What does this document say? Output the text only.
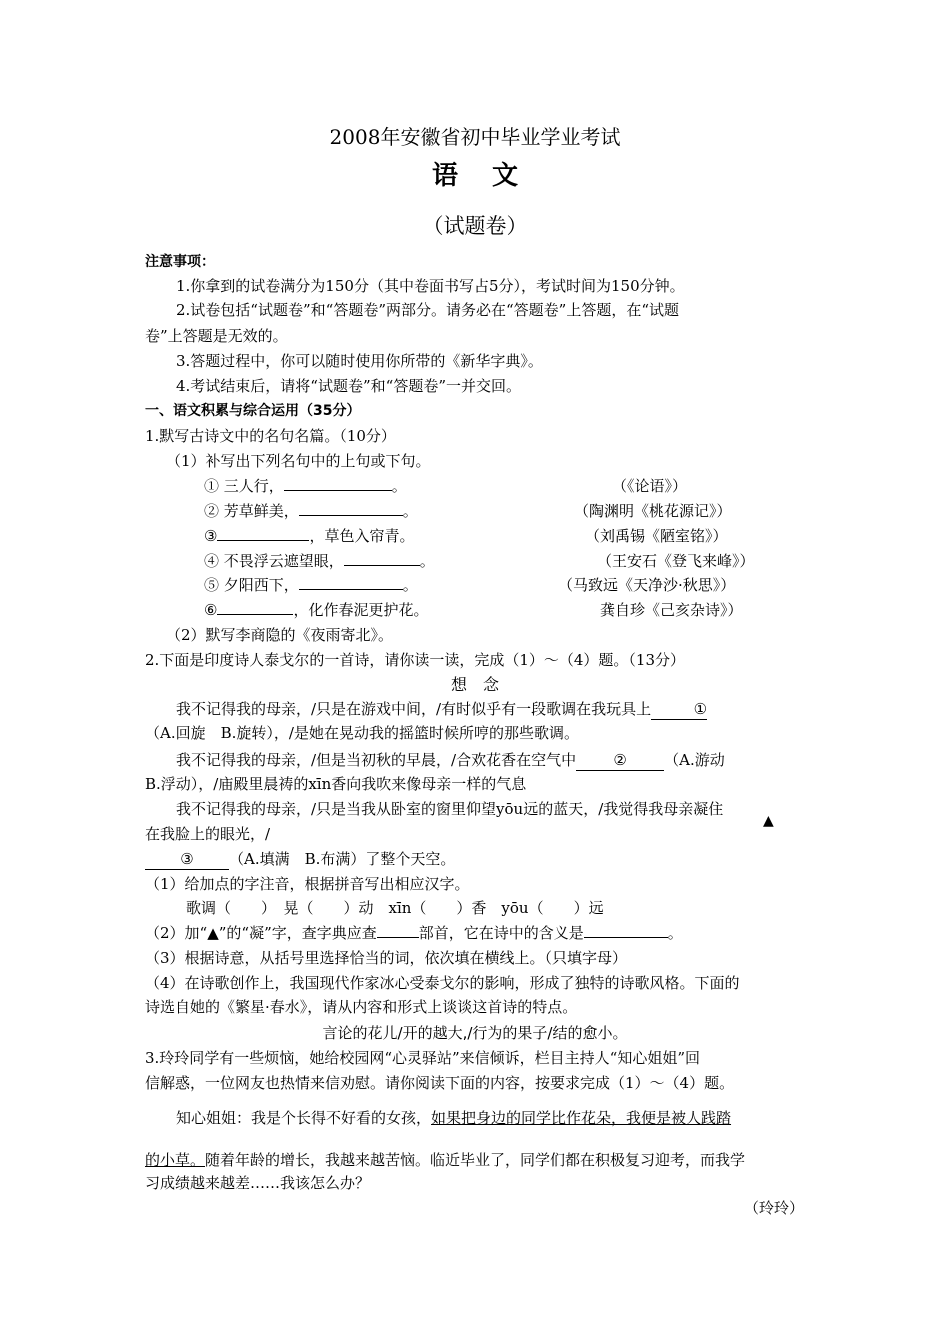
2008年安徽省初中毕业学业考试
语文
（试题卷）
注意事项：
1.你拿到的试卷满分为150分（其中卷面书写占5分），考试时间为150分钟。
2.试卷包括“试题卷”和“答题卷”两部分。请务必在“答题卷”上答题，在“试题
卷”上答题是无效的。
3.答题过程中，你可以随时使用你所带的《新华字典》。
4.考试结束后，请将“试题卷”和“答题卷”一并交回。
一、语文积累与综合运用（35分）
1.默写古诗文中的名句名篇。（10分）
（1）补写出下列名句中的上句或下句。
① 三人行，	。	（《论语》）
② 芳草鲜美，	。	（陶渊明《桃花源记》）
③	，草色入帘青。	（刘禹锡《陋室铭》）
④ 不畏浮云遮望眼，	。	（王安石《登飞来峰》）
⑤ 夕阳西下，	。	（马致远《天净沙·秋思》）
⑥	，化作春泥更护花。	龚自珍《己亥杂诗》）
（2）默写李商隐的《夜雨寄北》。
2.下面是印度诗人泰戈尔的一首诗，请你读一读，完成（1）～（4）题。（13分）
想　念
我不记得我的母亲，/只是在游戏中间，/有时似乎有一段歌调在我玩具上	①
（A.回旋　B.旋转），/是她在晃动我的摇篮时候所哼的那些歌调。
我不记得我的母亲，/但是当初秋的早晨，/合欢花香在空气中 ② （A.游动
B.浮动），/庙殿里晨祷的xīn香向我吹来像母亲一样的气息
我不记得我的母亲，/只是当我从卧室的窗里仰望yōu远的蓝天，/我觉得我母亲凝住
▲
在我脸上的眼光，/
③ （A.填满　B.布满）了整个天空。
（1）给加点的字注音，根据拼音写出相应汉字。
歌调（　　）　晃（　　）动　xīn（　　）香　yōu（　　）远
（2）加“▲”的“凝”字，查字典应查	部首，它在诗中的含义是	。
（3）根据诗意，从括号里选择恰当的词，依次填在横线上。（只填字母）
（4）在诗歌创作上，我国现代作家冰心受泰戈尔的影响，形成了独特的诗歌风格。下面的
诗选自她的《繁星·春水》，请从内容和形式上谈谈这首诗的特点。
言论的花儿/开的越大,/行为的果子/结的愈小。
3.玲玲同学有一些烦恼，她给校园网“心灵驿站”来信倾诉，栏目主持人“知心姐姐”回
信解惑，一位网友也热情来信劝慰。请你阅读下面的内容，按要求完成（1）～（4）题。
知心姐姐：我是个长得不好看的女孩，如果把身边的同学比作花朵，我便是被人践踏
的小草。随着年龄的增长，我越来越苦恼。临近毕业了，同学们都在积极复习迎考，而我学
习成绩越来越差……我该怎么办？
（玲玲）
